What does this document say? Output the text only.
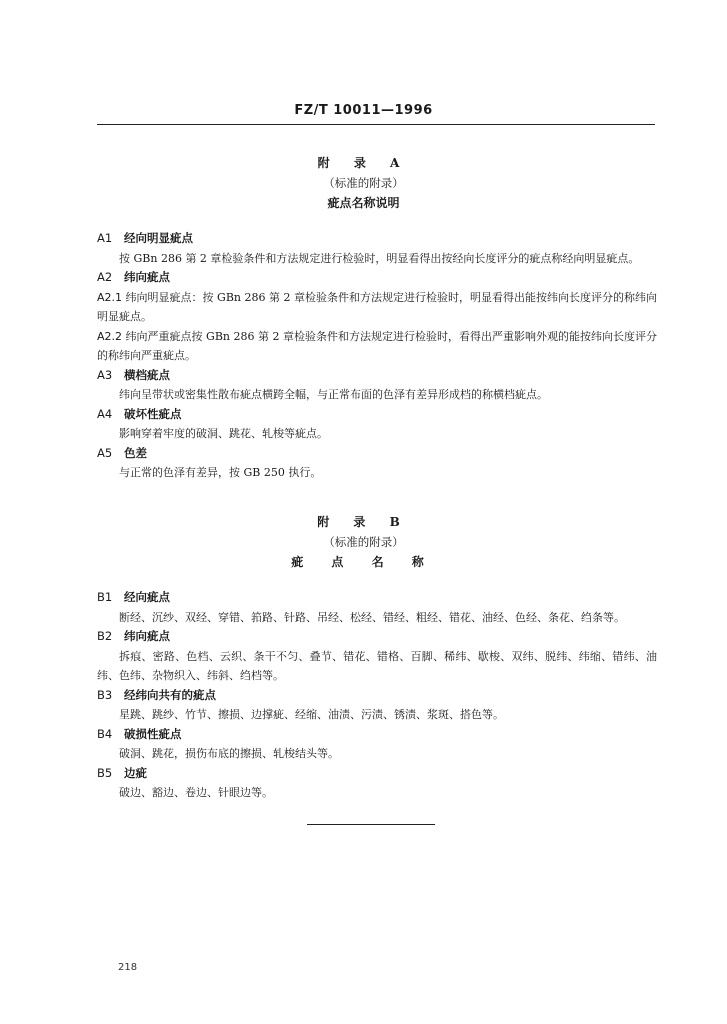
FZ/T 10011—1996
附 录 A
（标准的附录）
疵点名称说明
A1	经向明显疵点

按 GBn 286 第 2 章检验条件和方法规定进行检验时，明显看得出按经向长度评分的疵点称经向明显疵点。

A2	纬向疵点

A2.1 纬向明显疵点：按 GBn 286 第 2 章检验条件和方法规定进行检验时，明显看得出能按纬向长度评分的称纬向明显疵点。

A2.2 纬向严重疵点按 GBn 286 第 2 章检验条件和方法规定进行检验时，看得出严重影响外观的能按纬向长度评分的称纬向严重疵点。

A3	横档疵点

纬向呈带状或密集性散布疵点横跨全幅，与正常布面的色泽有差异形成档的称横档疵点。

A4	破坏性疵点

影响穿着牢度的破洞、跳花、轧梭等疵点。

A5	色差

与正常的色泽有差异，按 GB 250 执行。

附 录 B
（标准的附录）
疵 点 名 称
B1	经向疵点

断经、沉纱、双经、穿错、筘路、针路、吊经、松经、错经、粗经、错花、油经、色经、条花、绉条等。

B2	纬向疵点

拆痕、密路、色档、云织、条干不匀、叠节、错花、错格、百脚、稀纬、歇梭、双纬、脱纬、纬缩、错纬、油纬、色纬、杂物织入、纬斜、绉档等。

B3	经纬向共有的疵点

星跳、跳纱、竹节、擦损、边撑疵、经缩、油渍、污渍、锈渍、浆斑、搭色等。

B4	破损性疵点

破洞、跳花，损伤布底的擦损、轧梭结头等。

B5	边疵

破边、豁边、卷边、针眼边等。

218
